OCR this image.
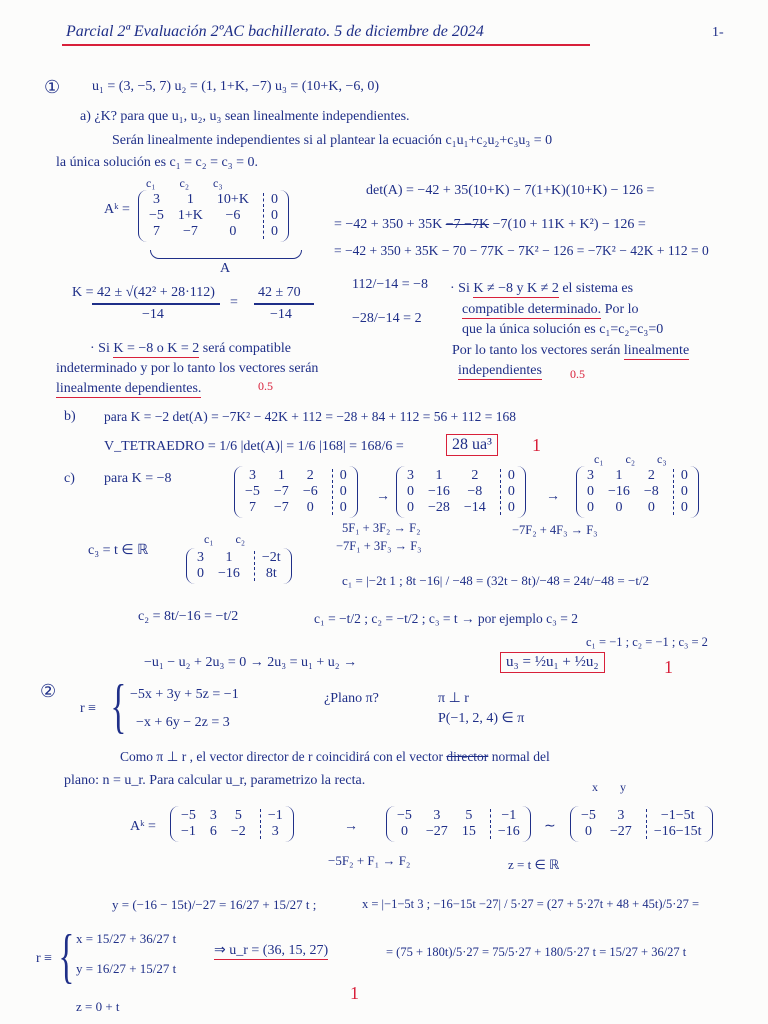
Parcial 2ª Evaluación 2ºAC bachillerato. 5 de diciembre de 2024	1-
① u₁ = (3, −5, 7) u₂ = (1, 1+K, −7) u₃ = (10+K, −6, 0)
a) ¿K? para que u₁, u₂, u₃ sean linealmente independientes.
Serán linealmente independientes si al plantear la ecuación c₁u₁+c₂u₂+c₃u₃ = 0
la única solución es c₁ = c₂ = c₃ = 0.
Aᵏ =
c₁ c₂ c₃
3	1	10+K	0
−5 1+K	−6	0
7	−7	0	0
A
det(A) = −42 + 35(10+K) − 7(1+K)(10+K) − 126 =
= −42 + 350 + 35K −7 −7K −7(10 + 11K + K²) − 126 =
= −42 + 350 + 35K − 70 − 77K − 7K² − 126 = −7K² − 42K + 112 = 0
K = 42 ± √(42² + 28·112)
−14
=
42 ± 70
−14
112/−14 = −8
−28/−14 = 2
· Si K ≠ −8 y K ≠ 2 el sistema es
compatible determinado. Por lo
que la única solución es c₁=c₂=c₃=0
Por lo tanto los vectores serán linealmente
independientes 0.5
· Si K = −8 o K = 2 será compatible
indeterminado y por lo tanto los vectores serán
linealmente dependientes.	0.5
b) para K = −2 det(A) = −7K² − 42K + 112 = −28 + 84 + 112 = 56 + 112 = 168
V_TETRAEDRO = 1/6 |det(A)| = 1/6 |168| = 168/6 =	28 ua³	1
c) para K = −8	3 1 2	0
−5 −7 −6	0
7 −7 0	0
→
3	1	2	0
0 −16 −8	0
0 −28 −14	0
→
c₁ c₂ c₃
3	1	2	0
0 −16 −8	0
0	0	0	0
5F₁ + 3F₂ → F₂
−7F₁ + 3F₃ → F₃
−7F₂ + 4F₃ → F₃
c₃ = t ∈ ℝ
c₁ c₂
3	1	−2t
0 −16	8t	c₁ = |−2t 1 ; 8t −16| / −48 = (32t − 8t)/−48 = 24t/−48 = −t/2
c₂ = 8t/−16 = −t/2	c₁ = −t/2 ; c₂ = −t/2 ; c₃ = t → por ejemplo c₃ = 2
c₁ = −1 ; c₂ = −1 ; c₃ = 2
−u₁ − u₂ + 2u₃ = 0 → 2u₃ = u₁ + u₂ →	u₃ = ½u₁ + ½u₂	1
②
r ≡ { −5x + 3y + 5z = −1
−x + 6y − 2z = 3
¿Plano π?	π ⊥ r
P(−1, 2, 4) ∈ π
Como π ⊥ r , el vector director de r coincidirá con el vector director normal del
plano: n = u_r. Para calcular u_r, parametrizo la recta.
Aᵏ =
−5 3 5	−1
−1 6 −2	3	→
−5	3	5	−1
0 −27 15	−16 ∼
x y
−5	3	−1−5t
0 −27	−16−15t
−5F₂ + F₁ → F₂	z = t ∈ ℝ
y = (−16 − 15t)/−27 = 16/27 + 15/27 t ;	x = |−1−5t 3 ; −16−15t −27| / 5·27 = (27 + 5·27t + 48 + 45t)/5·27 =
r ≡ { x = 15/27 + 36/27 t
y = 16/27 + 15/27 t
z = 0 + t
⇒ u_r = (36, 15, 27)
1
= (75 + 180t)/5·27 = 75/5·27 + 180/5·27 t = 15/27 + 36/27 t
